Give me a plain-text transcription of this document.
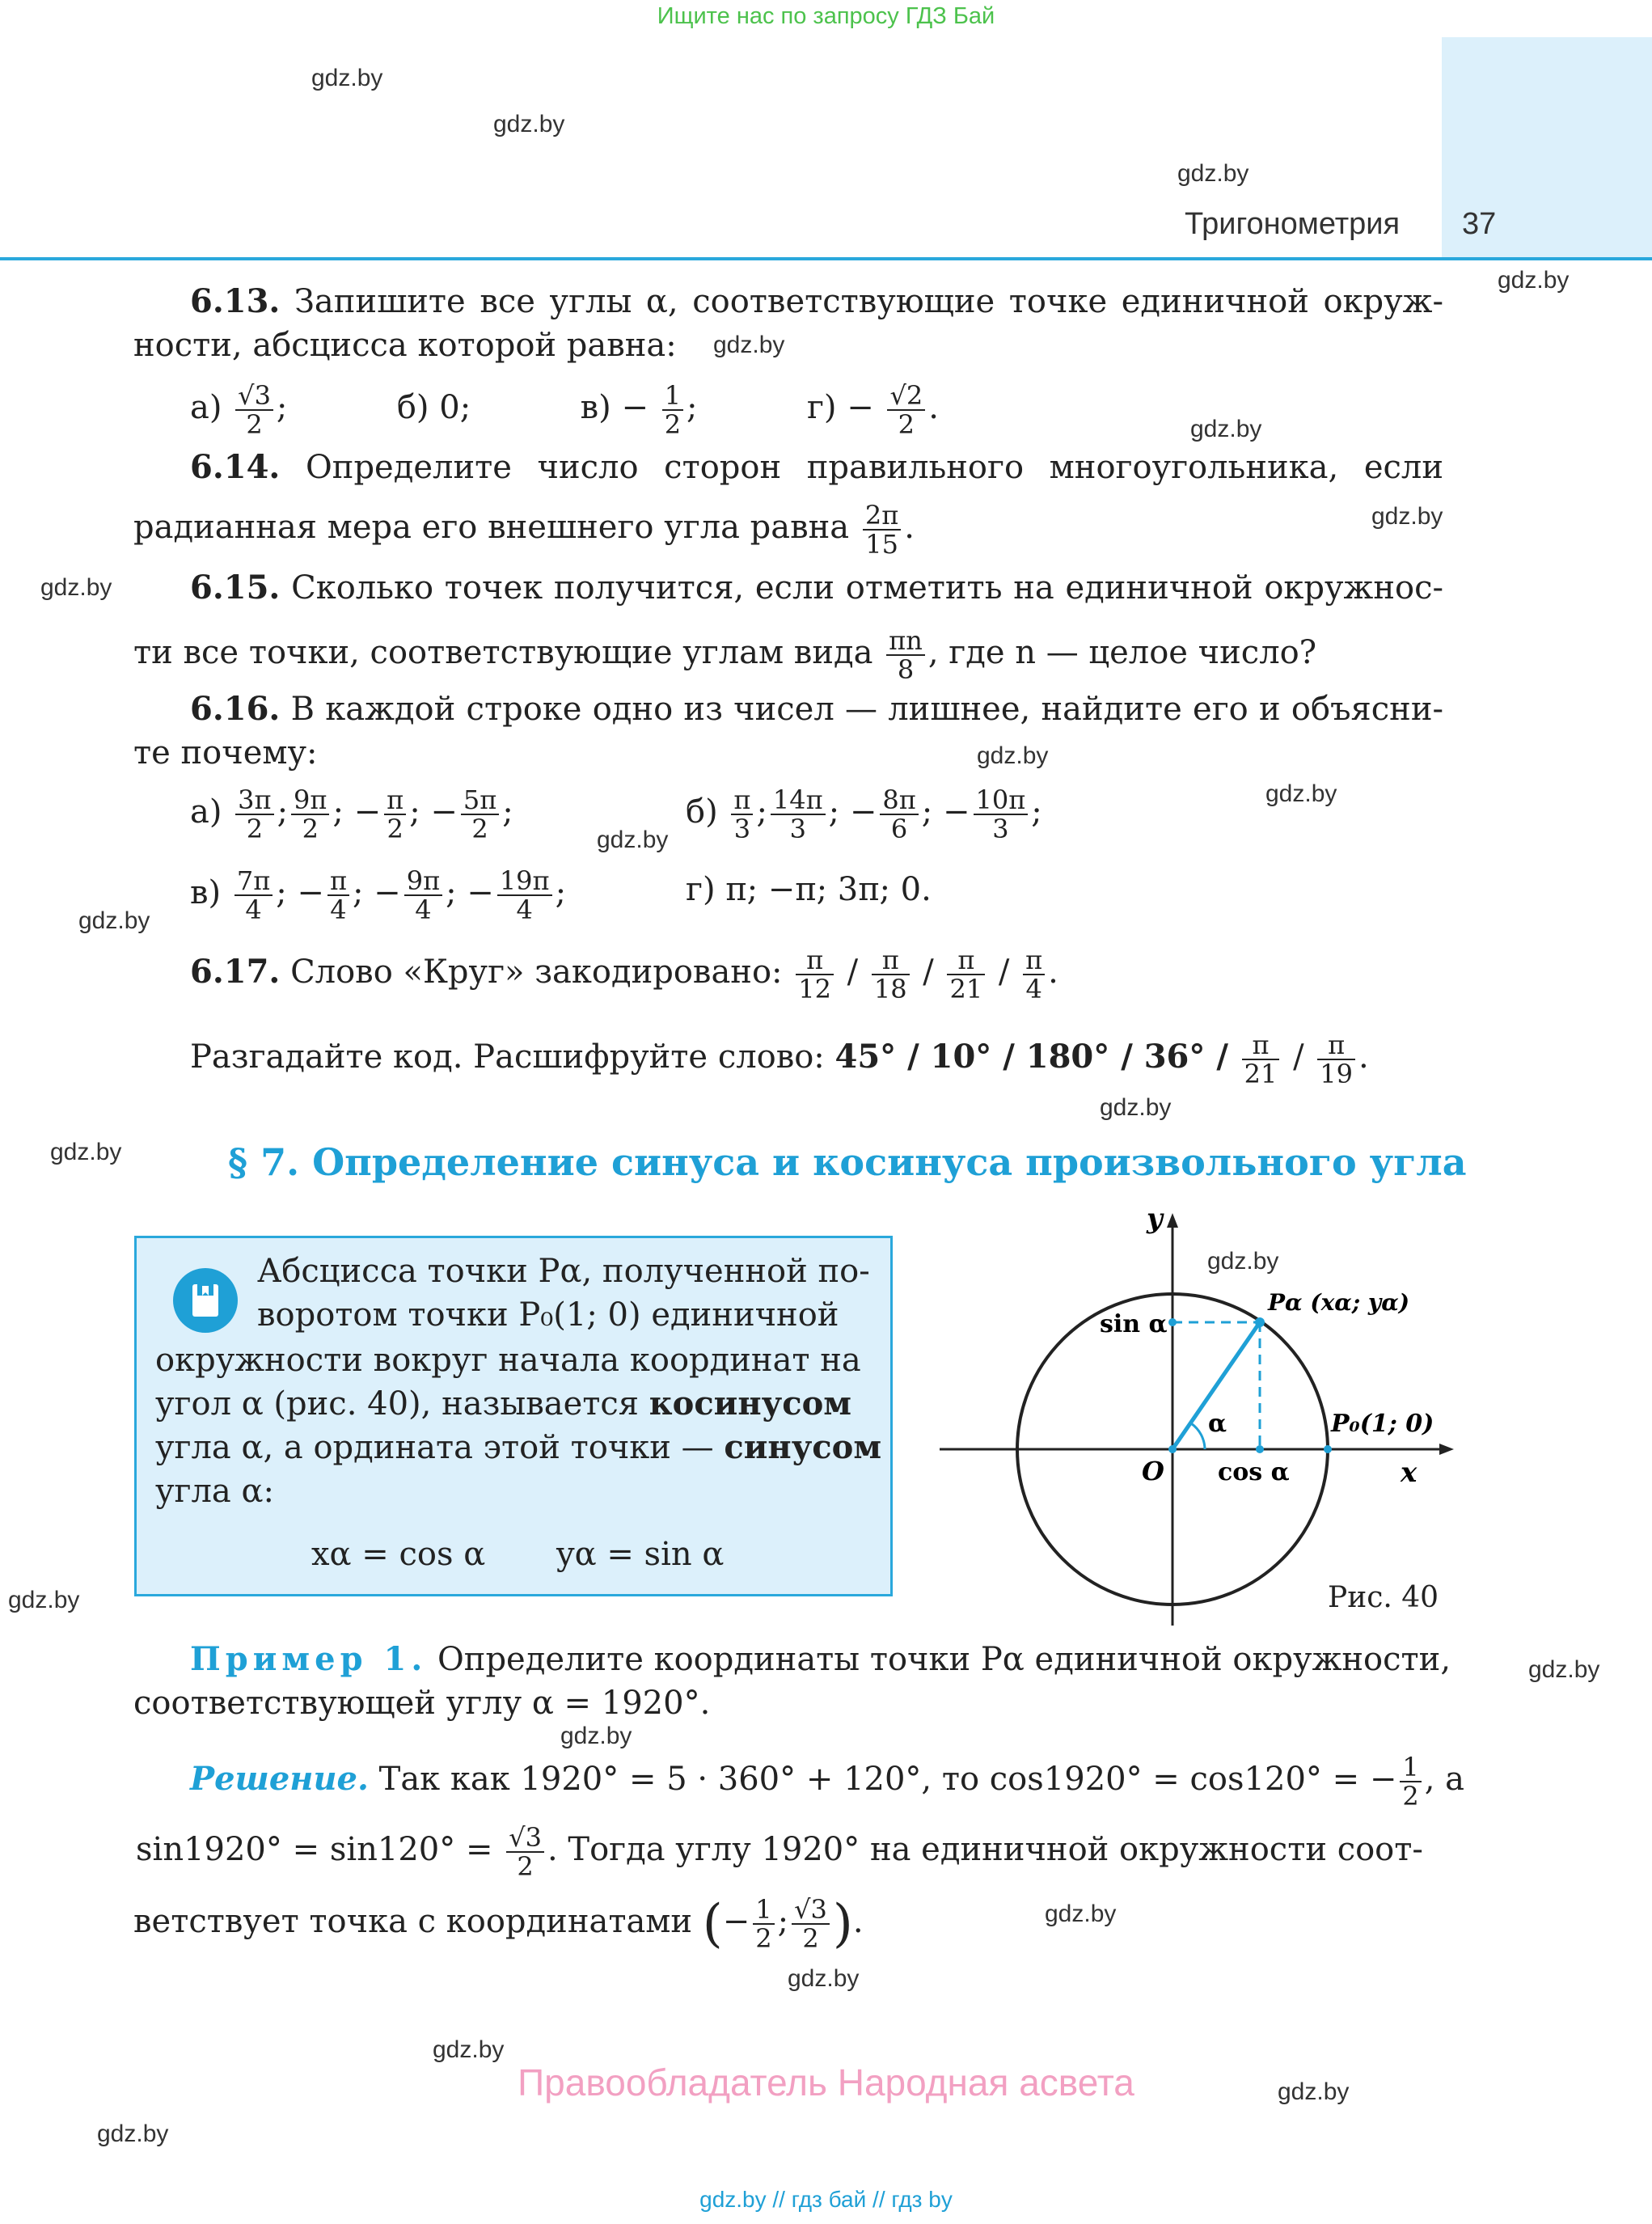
Ищите нас по запросу ГДЗ Бай
Тригонометрия 37
gdz.by
gdz.by
gdz.by
gdz.by
gdz.by
gdz.by
gdz.by
gdz.by
gdz.by
gdz.by
gdz.by
gdz.by
gdz.by
gdz.by
gdz.by
gdz.by
gdz.by
gdz.by
gdz.by
gdz.by
gdz.by
gdz.by
gdz.by
6.13. Запишите все углы α, соответствующие точке единичной окруж-
ности, абсцисса которой равна:
$а) \frac{√3}{2}$ ;	б) 0;	$в) - \frac{1}{2}$ ;	$г) - \frac{√2}{2}$ .
6.14. Определите число сторон правильного многоугольника, если
радианная мера его внешнего угла равна $\frac{2\pi}{15}$ .
6.15. Сколько точек получится, если отметить на единичной окружнос-
ти все точки, соответствующие углам вида $\frac{\pi n}{8}$ , где n — целое число?
6.16. В каждой строке одно из чисел — лишнее, найдите его и объясни-
те почему:
$а) \frac{3\pi}{2}$ ; $\frac{9\pi}{2}$ ; − $\frac{\pi}{2}$ ; − $\frac{5\pi}{2}$ ;	$б) \frac{\pi}{3}$ ; $\frac{14\pi}{3}$ ; − $\frac{8\pi}{6}$ ; − $\frac{10\pi}{3}$ ;
$в) \frac{7\pi}{4}$ ; − $\frac{\pi}{4}$ ; − $\frac{9\pi}{4}$ ; − $\frac{19\pi}{4}$ ;	г) π; −π; 3π; 0.
6.17. Слово «Круг» закодировано: $\frac{\pi}{12} / \frac{\pi}{18} / \frac{\pi}{21} / \frac{\pi}{4}$ .
Разгадайте код. Расшифруйте слово: $45^\circ / 10^\circ / 180^\circ / 36^\circ / \frac{\pi}{21} / \frac{\pi}{19}$ .
§ 7. Определение синуса и косинуса произвольного угла
Абсцисса точки Pα, полученной по-
воротом точки P₀(1; 0) единичной
окружности вокруг начала координат на
угол α (рис. 40), называется косинусом
угла α, а ордината этой точки — синусом
угла α:
xα = cos α yα = sin α
y
x
O
sin α
cos α
α
Pα (xα; yα)
P₀(1; 0)
Рис. 40
Пример 1. Определите координаты точки Pα единичной окружности,
соответствующей углу α = 1920°.
Решение. Так как 1920° = 5 · 360° + 120°, то cos1920° = cos120° = − $\frac{1}{2}$ , а
$\sin 1920^\circ = \sin 120^\circ = \frac{√3}{2}$ . Тогда углу 1920° на единичной окружности соот-
ветствует точка с координатами (− $\frac{1}{2}$ ; $\frac{√3}{2}$ ).
Правообладатель Народная асвета
gdz.by // гдз бай // гдз by
